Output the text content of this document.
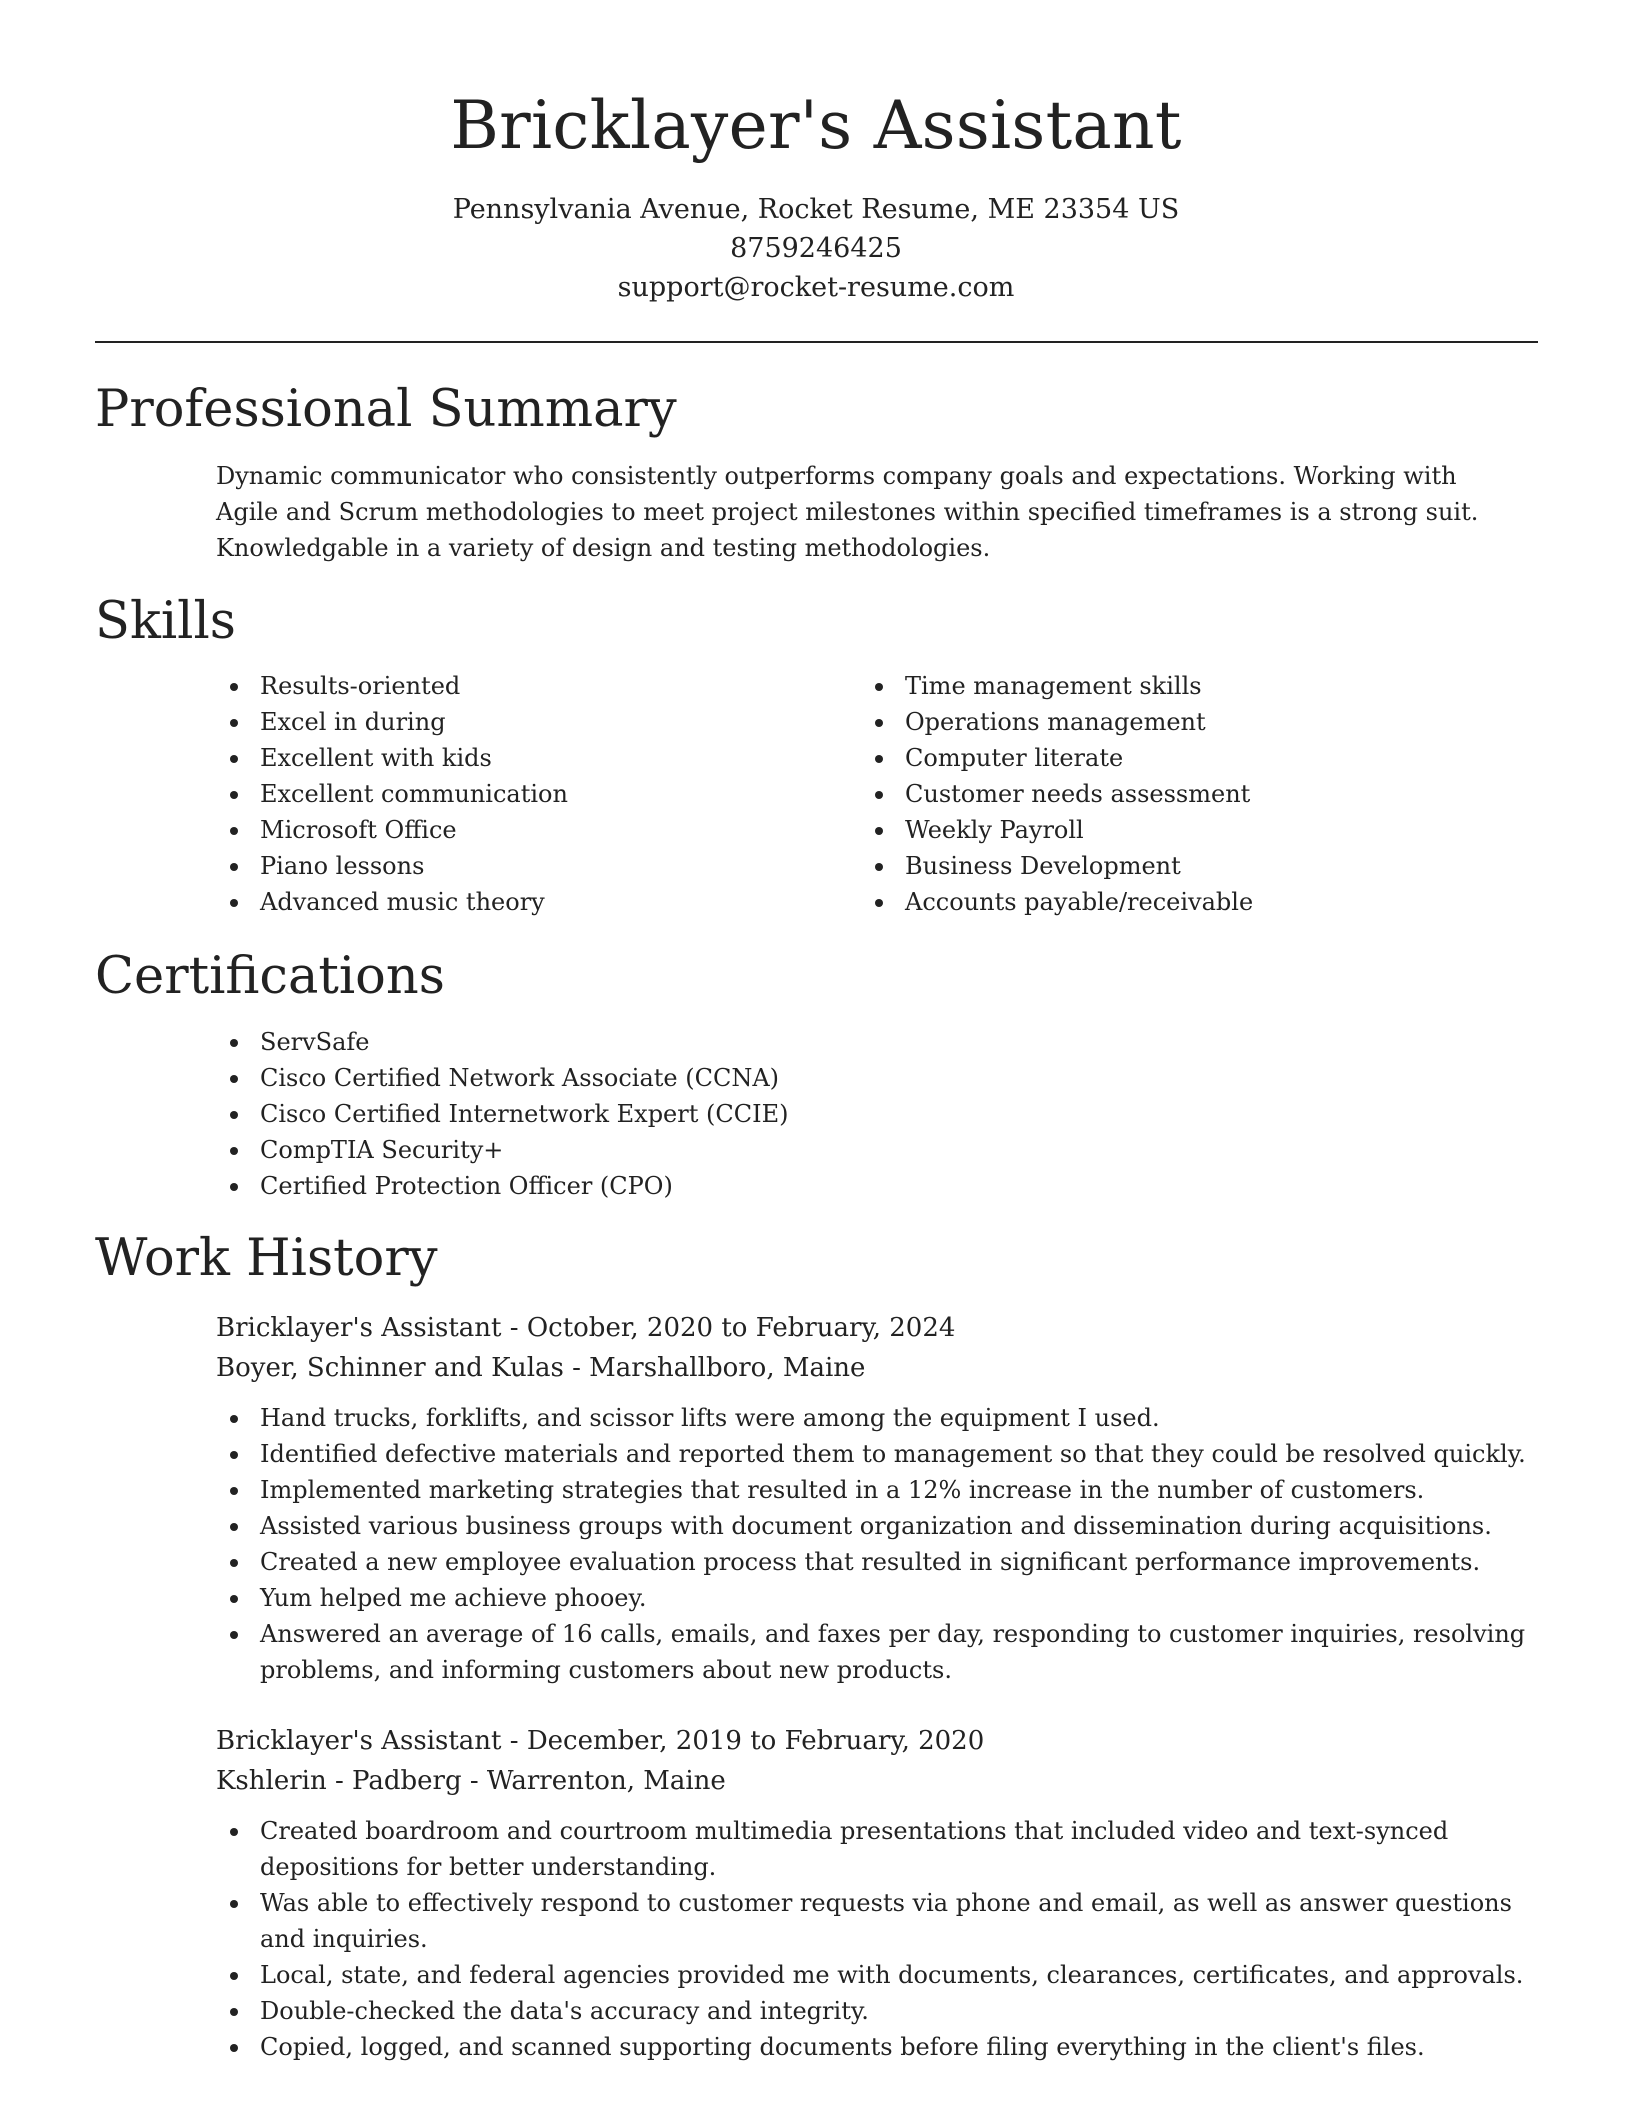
Bricklayer's Assistant
Pennsylvania Avenue, Rocket Resume, ME 23354 US
8759246425
support@rocket-resume.com
Professional Summary
Dynamic communicator who consistently outperforms company goals and expectations. Working with Agile and Scrum methodologies to meet project milestones within specified timeframes is a strong suit. Knowledgable in a variety of design and testing methodologies.
Skills
Results-oriented
Excel in during
Excellent with kids
Excellent communication
Microsoft Office
Piano lessons
Advanced music theory
Time management skills
Operations management
Computer literate
Customer needs assessment
Weekly Payroll
Business Development
Accounts payable/receivable
Certifications
ServSafe
Cisco Certified Network Associate (CCNA)
Cisco Certified Internetwork Expert (CCIE)
CompTIA Security+
Certified Protection Officer (CPO)
Work History
Bricklayer's Assistant - October, 2020 to February, 2024
Boyer, Schinner and Kulas - Marshallboro, Maine
Hand trucks, forklifts, and scissor lifts were among the equipment I used.
Identified defective materials and reported them to management so that they could be resolved quickly.
Implemented marketing strategies that resulted in a 12% increase in the number of customers.
Assisted various business groups with document organization and dissemination during acquisitions.
Created a new employee evaluation process that resulted in significant performance improvements.
Yum helped me achieve phooey.
Answered an average of 16 calls, emails, and faxes per day, responding to customer inquiries, resolving problems, and informing customers about new products.
Bricklayer's Assistant - December, 2019 to February, 2020
Kshlerin - Padberg - Warrenton, Maine
Created boardroom and courtroom multimedia presentations that included video and text-synced depositions for better understanding.
Was able to effectively respond to customer requests via phone and email, as well as answer questions and inquiries.
Local, state, and federal agencies provided me with documents, clearances, certificates, and approvals.
Double-checked the data's accuracy and integrity.
Copied, logged, and scanned supporting documents before filing everything in the client's files.
